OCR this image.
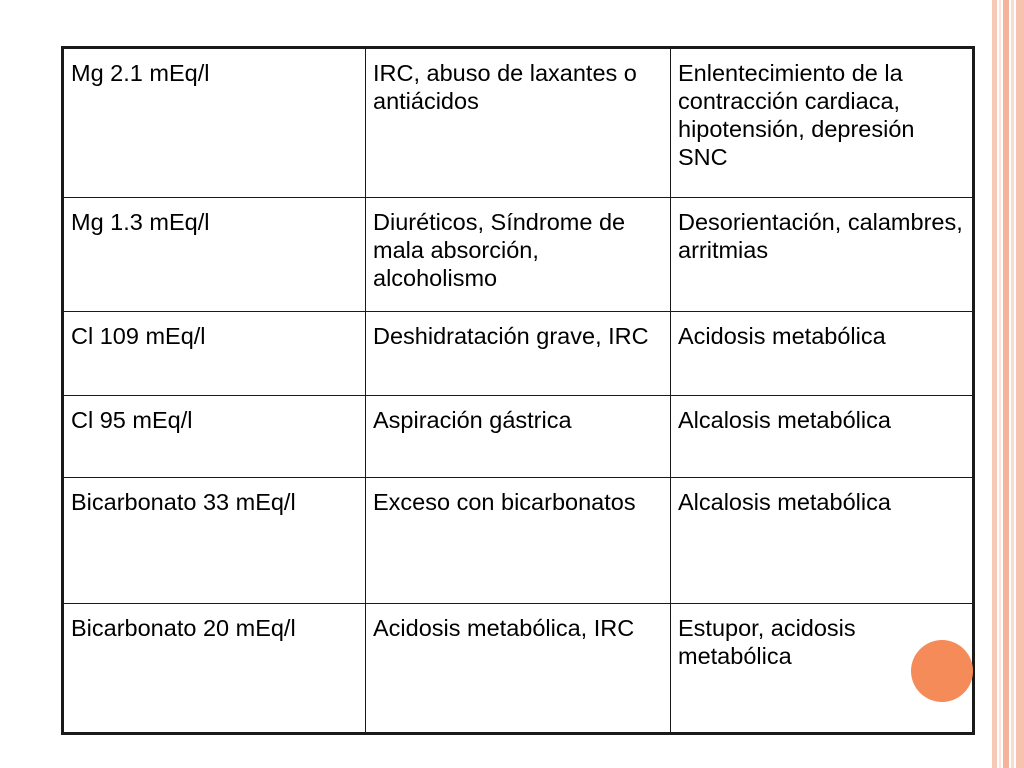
Mg 2.1 mEq/l	IRC, abuso de laxantes o antiácidos	Enlentecimiento de la contracción cardiaca, hipotensión, depresión SNC
Mg 1.3 mEq/l	Diuréticos, Síndrome de mala absorción, alcoholismo	Desorientación, calambres, arritmias
Cl 109 mEq/l	Deshidratación grave, IRC	Acidosis metabólica
Cl 95 mEq/l	Aspiración gástrica	Alcalosis metabólica
Bicarbonato 33 mEq/l	Exceso con bicarbonatos	Alcalosis metabólica
Bicarbonato 20 mEq/l	Acidosis metabólica, IRC	Estupor, acidosis metabólica
